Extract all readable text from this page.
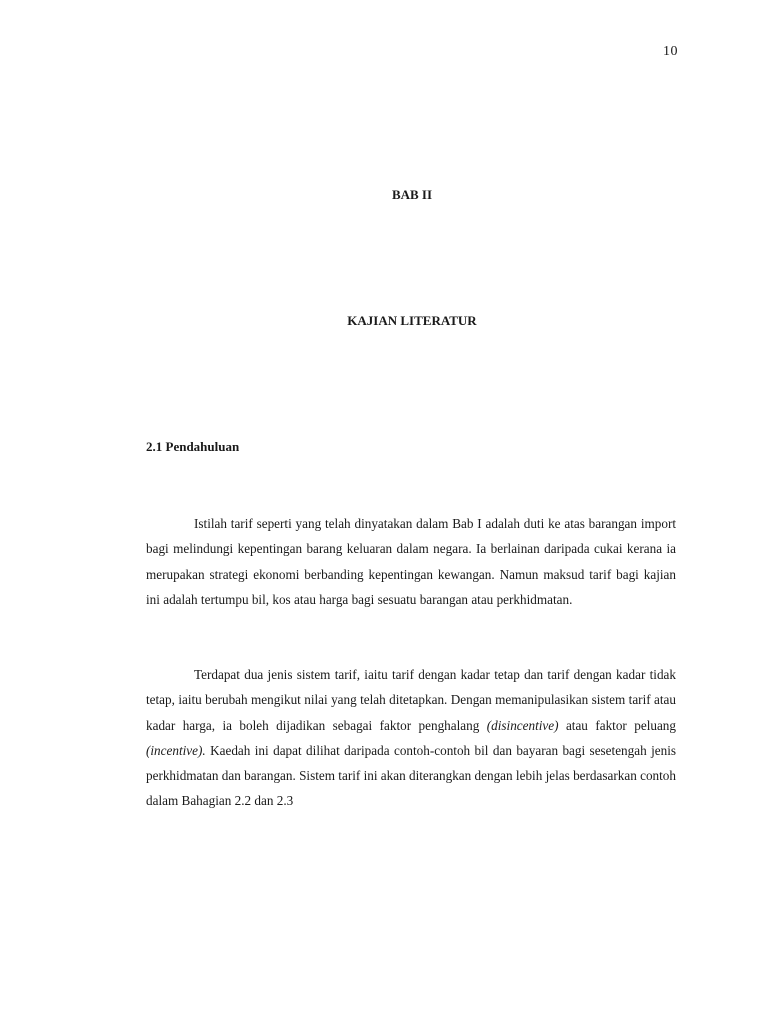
10
BAB II
KAJIAN LITERATUR
2.1 Pendahuluan

Istilah tarif seperti yang telah dinyatakan dalam Bab I adalah duti ke atas barangan import bagi melindungi kepentingan barang keluaran dalam negara. Ia berlainan daripada cukai kerana ia merupakan strategi ekonomi berbanding kepentingan kewangan. Namun maksud tarif bagi kajian ini adalah tertumpu bil, kos atau harga bagi sesuatu barangan atau perkhidmatan.

Terdapat dua jenis sistem tarif, iaitu tarif dengan kadar tetap dan tarif dengan kadar tidak tetap, iaitu berubah mengikut nilai yang telah ditetapkan. Dengan memanipulasikan sistem tarif atau kadar harga, ia boleh dijadikan sebagai faktor penghalang (disincentive) atau faktor peluang (incentive). Kaedah ini dapat dilihat daripada contoh-contoh bil dan bayaran bagi sesetengah jenis perkhidmatan dan barangan. Sistem tarif ini akan diterangkan dengan lebih jelas berdasarkan contoh dalam Bahagian 2.2 dan 2.3
